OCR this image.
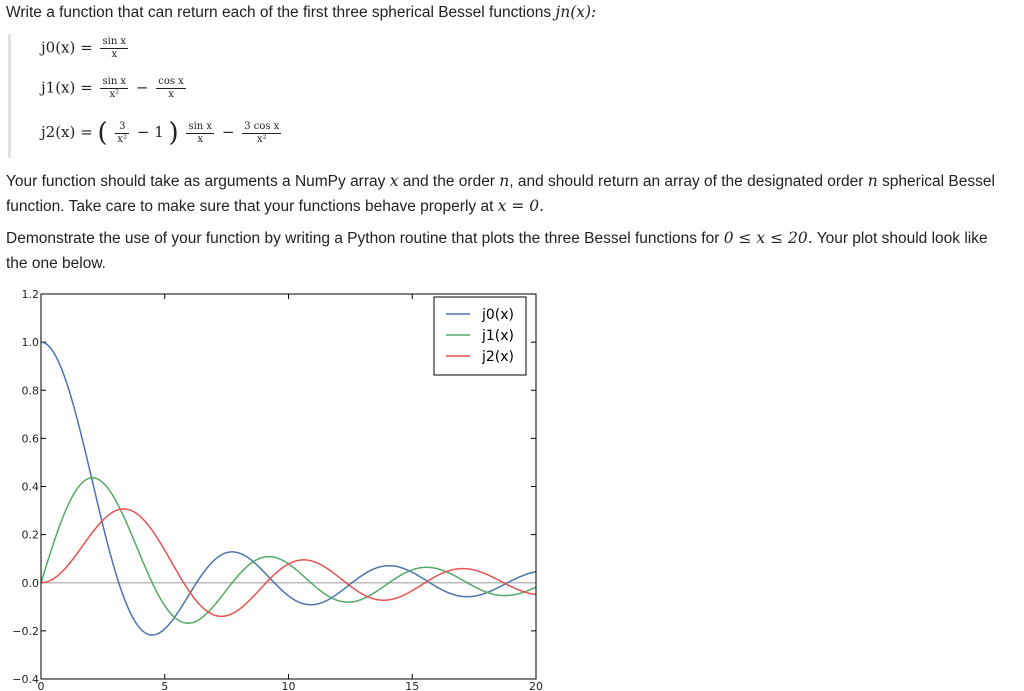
Write a function that can return each of the first three spherical Bessel functions jn(x):
$j0(x) = \frac{\text{sin x}}{x}$
$j1(x) = \frac{\text{sin x}}{\text{x²}} - \frac{\text{cos x}}{x}$
j2(x) = ( $\frac{3}{\text{x²}} - 1$ ) $\frac{\text{sin x}}{x} - \frac{\text{3 cos x}}{\text{x²}}$
Your function should take as arguments a NumPy array x and the order n, and should return an array of the designated order n spherical Bessel function. Take care to make sure that your functions behave properly at x = 0.
Demonstrate the use of your function by writing a Python routine that plots the three Bessel functions for 0 ≤ x ≤ 20. Your plot should look like the one below.
−0.4
−0.2
0.0
0.2
0.4
0.6
0.8
1.0
1.2
0	5	10	15	20
j0(x)
j1(x)
j2(x)
